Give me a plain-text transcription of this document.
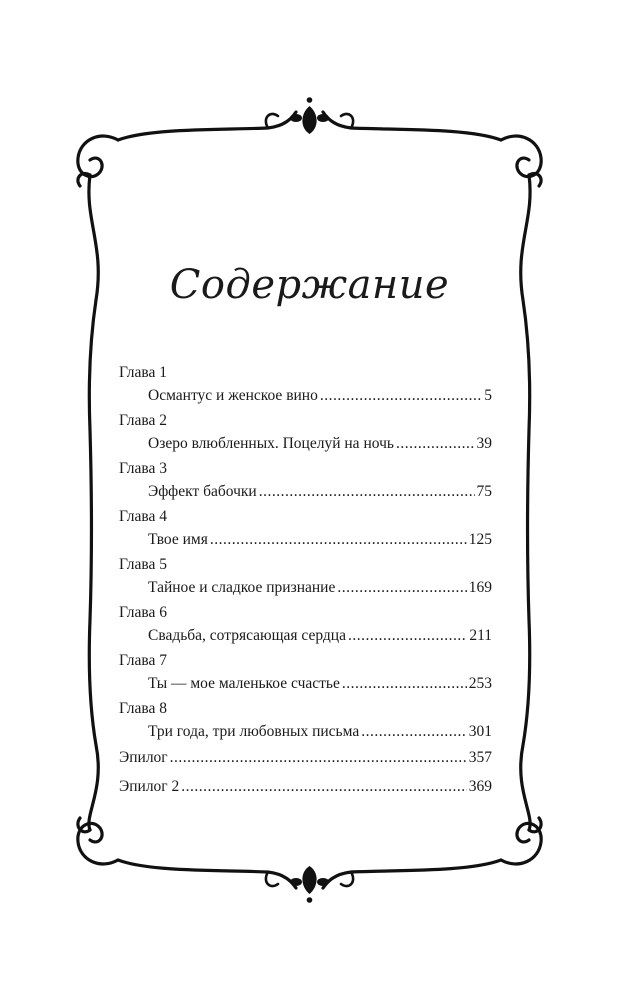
Содержание
Глава 1
Османтус и женское вино .....	5
Глава 2
Озеро влюбленных. Поцелуй на ночь .....	39
Глава 3
Эффект бабочки .....	75
Глава 4
Твое имя .....	125
Глава 5
Тайное и сладкое признание .....	169
Глава 6
Свадьба, сотрясающая сердца .....	211
Глава 7
Ты — мое маленькое счастье .....	253
Глава 8
Три года, три любовных письма .....	301
Эпилог .....	357
Эпилог 2 .....	369
